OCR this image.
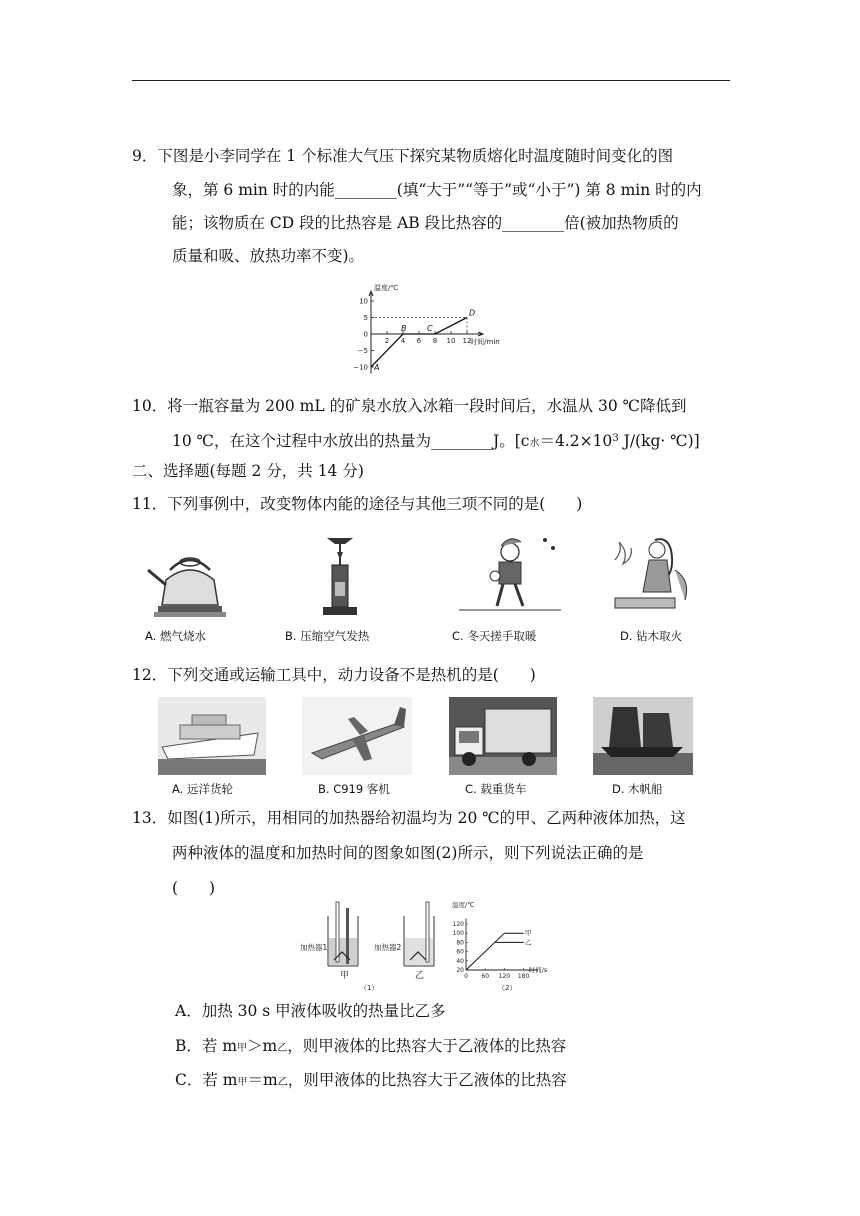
9．下图是小李同学在 1 个标准大气压下探究某物质熔化时温度随时间变化的图
象，第 6 min 时的内能________(填“大于”“等于”或“小于”) 第 8 min 时的内
能；该物质在 CD 段的比热容是 AB 段比热容的________倍(被加热物质的
质量和吸、放热功率不变)。
10
5
0
−5
−10
2 4 6 8 10 12
温度/℃
时间/min
A
B	C
D
10．将一瓶容量为 200 mL 的矿泉水放入冰箱一段时间后，水温从 30 ℃降低到
10 ℃，在这个过程中水放出的热量为________J。[c水$=4.2\times 10^3$ J/(kg· ℃)]
二、选择题(每题 2 分，共 14 分)
11．下列事例中，改变物体内能的途径与其他三项不同的是(　　)
A. 燃气烧水	B. 压缩空气发热	C. 冬天搓手取暖	D. 钻木取火
12．下列交通或运输工具中，动力设备不是热机的是(　　)
A. 远洋货轮	B. C919 客机	C. 载重货车	D. 木帆船
13．如图(1)所示，用相同的加热器给初温均为 20 ℃的甲、乙两种液体加热，这
两种液体的温度和加热时间的图象如图(2)所示，则下列说法正确的是
(　　)
加热器1	加热器2
甲	乙
（1）	（2）
温度/℃
时间/s
120
100
80
60
40
20
0 60 120 180
甲
乙
A．加热 30 s 甲液体吸收的热量比乙多
B．若 m甲＞m乙，则甲液体的比热容大于乙液体的比热容
C．若 m甲＝m乙，则甲液体的比热容大于乙液体的比热容
